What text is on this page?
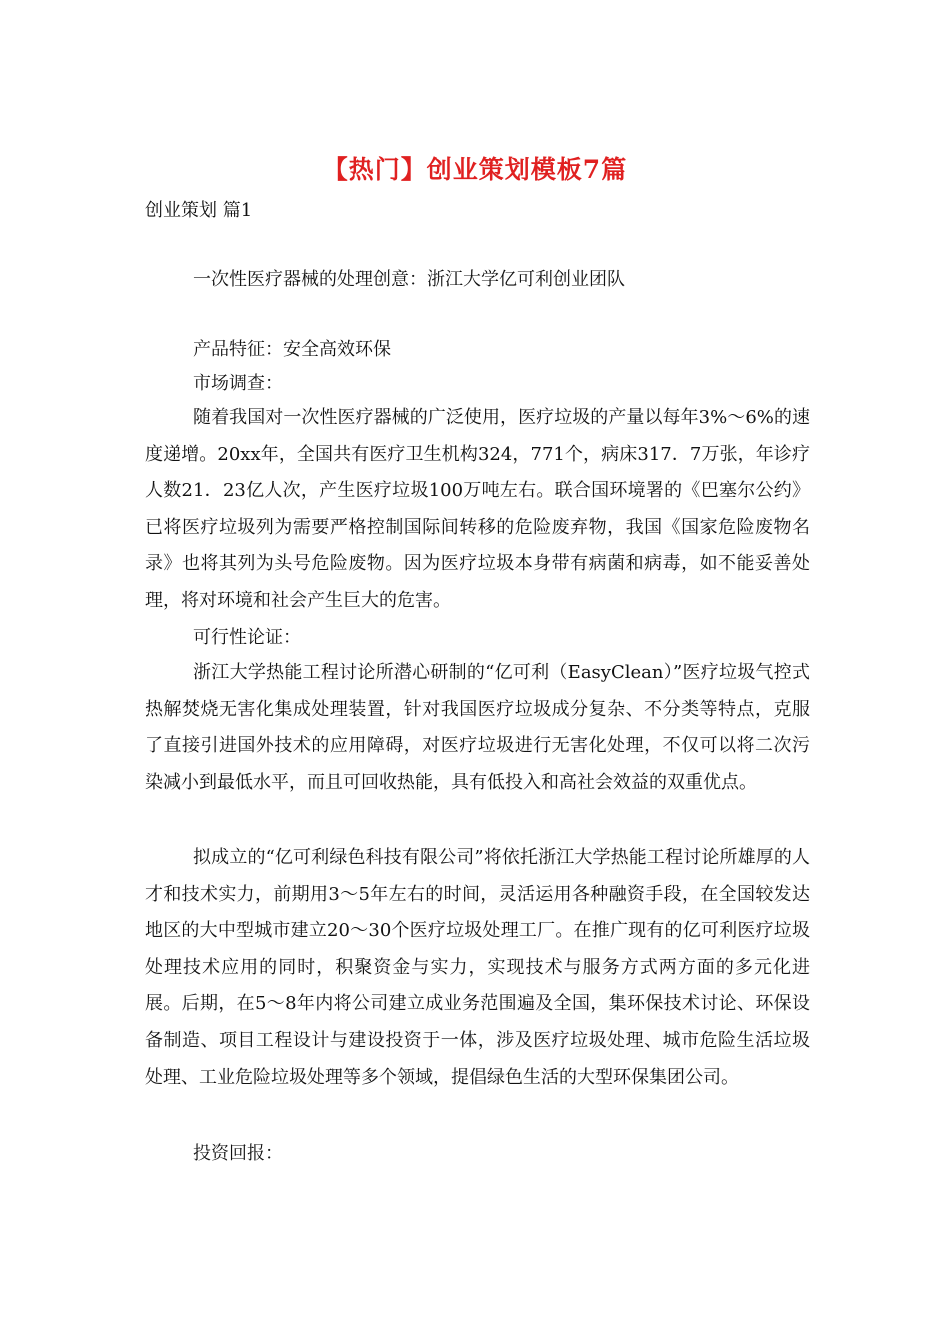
【热门】创业策划模板7篇
创业策划 篇1
一次性医疗器械的处理创意：浙江大学亿可利创业团队
产品特征：安全高效环保
市场调查：
随着我国对一次性医疗器械的广泛使用，医疗垃圾的产量以每年3%～6%的速度递增。20xx年，全国共有医疗卫生机构324，771个，病床317．7万张，年诊疗人数21．23亿人次，产生医疗垃圾100万吨左右。联合国环境署的《巴塞尔公约》已将医疗垃圾列为需要严格控制国际间转移的危险废弃物，我国《国家危险废物名录》也将其列为头号危险废物。因为医疗垃圾本身带有病菌和病毒，如不能妥善处理，将对环境和社会产生巨大的危害。
可行性论证：
浙江大学热能工程讨论所潜心研制的“亿可利（EasyClean）”医疗垃圾气控式热解焚烧无害化集成处理装置，针对我国医疗垃圾成分复杂、不分类等特点，克服了直接引进国外技术的应用障碍，对医疗垃圾进行无害化处理，不仅可以将二次污染减小到最低水平，而且可回收热能，具有低投入和高社会效益的双重优点。
拟成立的“亿可利绿色科技有限公司”将依托浙江大学热能工程讨论所雄厚的人才和技术实力，前期用3～5年左右的时间，灵活运用各种融资手段，在全国较发达地区的大中型城市建立20～30个医疗垃圾处理工厂。在推广现有的亿可利医疗垃圾处理技术应用的同时，积聚资金与实力，实现技术与服务方式两方面的多元化进展。后期，在5～8年内将公司建立成业务范围遍及全国，集环保技术讨论、环保设备制造、项目工程设计与建设投资于一体，涉及医疗垃圾处理、城市危险生活垃圾处理、工业危险垃圾处理等多个领域，提倡绿色生活的大型环保集团公司。
投资回报：
